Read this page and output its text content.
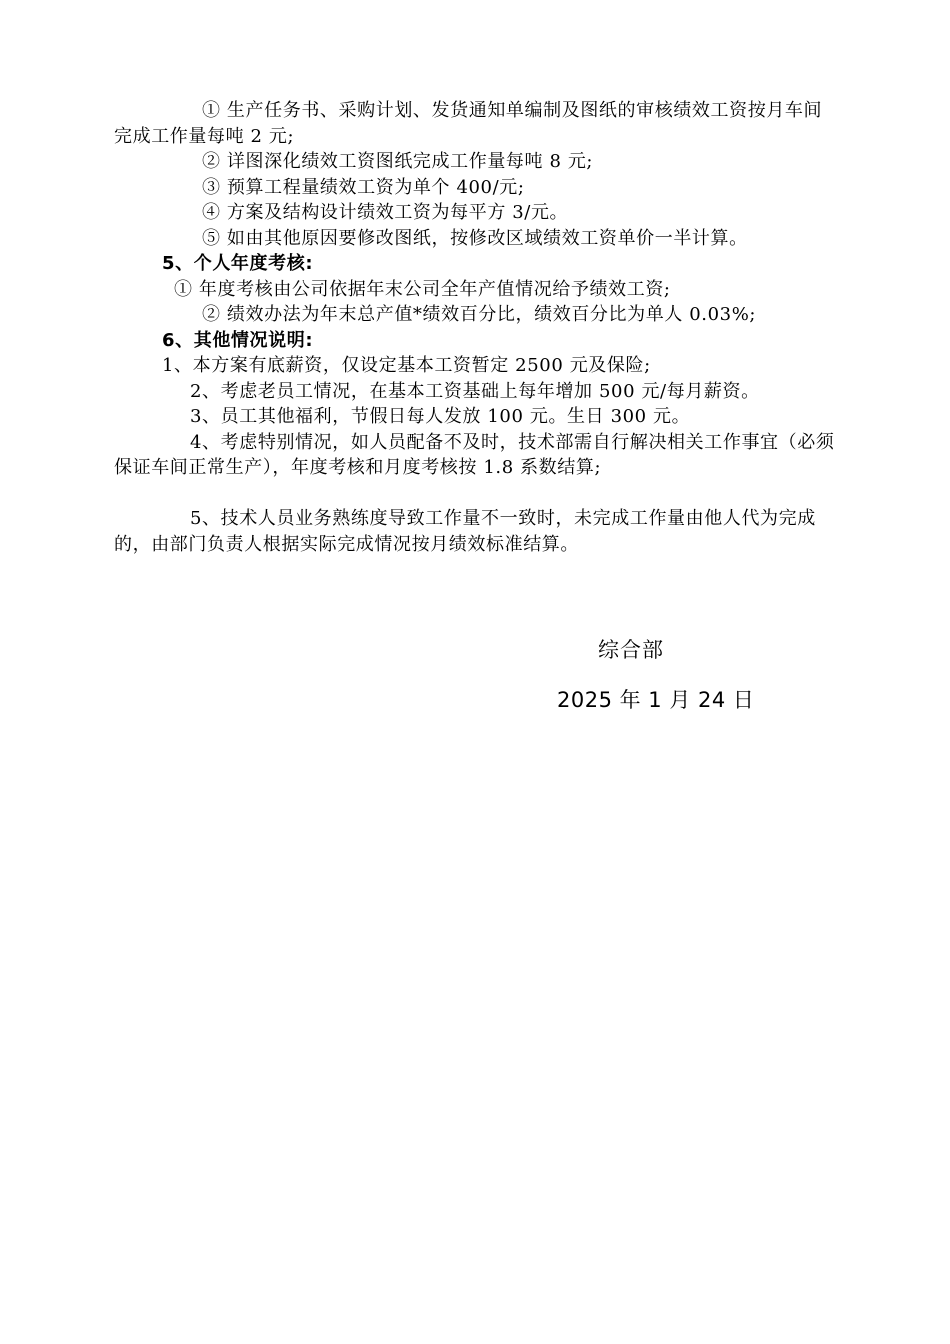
① 生产任务书、采购计划、发货通知单编制及图纸的审核绩效工资按月车间完成工作量每吨 2 元;

② 详图深化绩效工资图纸完成工作量每吨 8 元;

③ 预算工程量绩效工资为单个 400/元;

④ 方案及结构设计绩效工资为每平方 3/元。

⑤ 如由其他原因要修改图纸，按修改区域绩效工资单价一半计算。

5、个人年度考核:

① 年度考核由公司依据年末公司全年产值情况给予绩效工资;

② 绩效办法为年末总产值*绩效百分比，绩效百分比为单人 0.03%;

6、其他情况说明:

1、本方案有底薪资，仅设定基本工资暂定 2500 元及保险;

2、考虑老员工情况，在基本工资基础上每年增加 500 元/每月薪资。

3、员工其他福利，节假日每人发放 100 元。生日 300 元。

4、考虑特别情况，如人员配备不及时，技术部需自行解决相关工作事宜（必须保证车间正常生产），年度考核和月度考核按 1.8 系数结算;

5、技术人员业务熟练度导致工作量不一致时，未完成工作量由他人代为完成的，由部门负责人根据实际完成情况按月绩效标准结算。

综合部
2025 年 1 月 24 日
